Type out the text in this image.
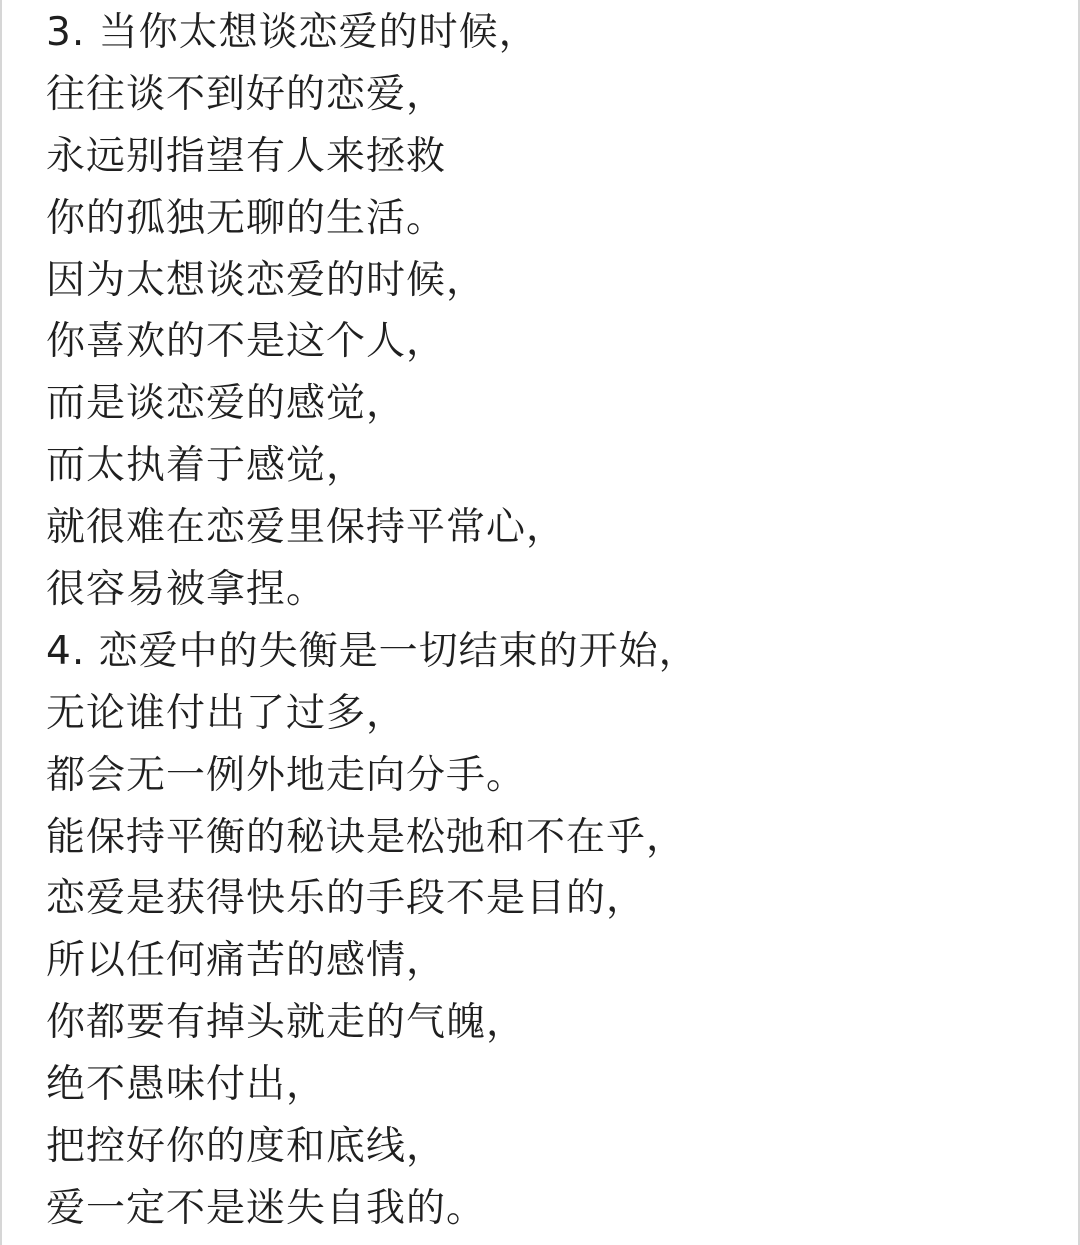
3. 当你太想谈恋爱的时候，
往往谈不到好的恋爱，
永远别指望有人来拯救
你的孤独无聊的生活。
因为太想谈恋爱的时候，
你喜欢的不是这个人，
而是谈恋爱的感觉，
而太执着于感觉，
就很难在恋爱里保持平常心，
很容易被拿捏。
4. 恋爱中的失衡是一切结束的开始，
无论谁付出了过多，
都会无一例外地走向分手。
能保持平衡的秘诀是松弛和不在乎，
恋爱是获得快乐的手段不是目的，
所以任何痛苦的感情，
你都要有掉头就走的气魄，
绝不愚味付出，
把控好你的度和底线，
爱一定不是迷失自我的。
